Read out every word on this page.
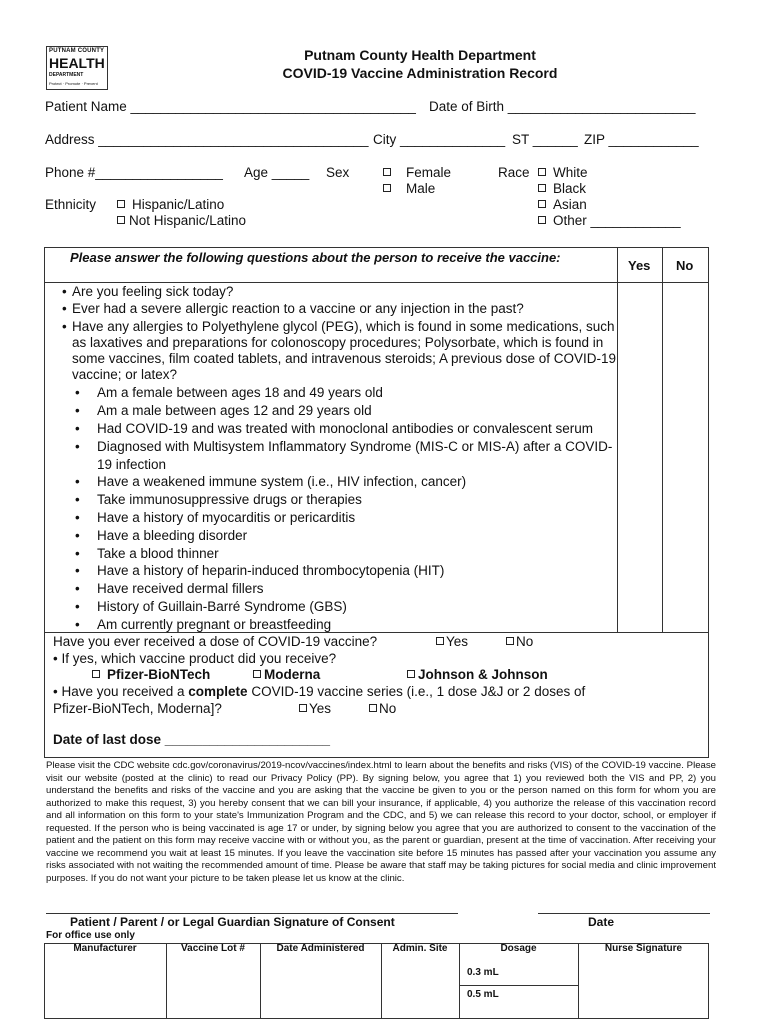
PUTNAM COUNTY
HEALTH
DEPARTMENT
Protect · Promote · Prevent
Putnam County Health Department
COVID-19 Vaccine Administration Record
Patient Name ______________________________________ Date of Birth _________________________
Address ____________________________________ City ______________ ST ______ ZIP ____________
Phone #_________________ Age _____ Sex	Female
Male
Race	White
Black
Asian
Other ____________
Ethnicity	Hispanic/Latino
Not Hispanic/Latino
Please answer the following questions about the person to receive the vaccine:
Yes No
• Are you feeling sick today?
• Ever had a severe allergic reaction to a vaccine or any injection in the past?
• Have any allergies to Polyethylene glycol (PEG), which is found in some medications, such as laxatives and preparations for colonoscopy procedures; Polysorbate, which is found in some vaccines, film coated tablets, and intravenous steroids; A previous dose of COVID-19 vaccine; or latex?
• Am a female between ages 18 and 49 years old
• Am a male between ages 12 and 29 years old
• Had COVID-19 and was treated with monoclonal antibodies or convalescent serum
• Diagnosed with Multisystem Inflammatory Syndrome (MIS-C or MIS-A) after a COVID-19 infection
• Have a weakened immune system (i.e., HIV infection, cancer)
• Take immunosuppressive drugs or therapies
• Have a history of myocarditis or pericarditis
• Have a bleeding disorder
• Take a blood thinner
• Have a history of heparin-induced thrombocytopenia (HIT)
• Have received dermal fillers
• History of Guillain-Barré Syndrome (GBS)
• Am currently pregnant or breastfeeding
Have you ever received a dose of COVID-19 vaccine?	Yes	No
• If yes, which vaccine product did you receive?
Pfizer-BioNTech	Moderna	Johnson & Johnson
• Have you received a complete COVID-19 vaccine series (i.e., 1 dose J&J or 2 doses of
Pfizer-BioNTech, Moderna]?	Yes	No
Date of last dose ______________________
Please visit the CDC website cdc.gov/coronavirus/2019-ncov/vaccines/index.html to learn about the benefits and risks (VIS) of the COVID-19 vaccine. Please visit our website (posted at the clinic) to read our Privacy Policy (PP). By signing below, you agree that 1) you reviewed both the VIS and PP, 2) you understand the benefits and risks of the vaccine and you are asking that the vaccine be given to you or the person named on this form for whom you are authorized to make this request, 3) you hereby consent that we can bill your insurance, if applicable, 4) you authorize the release of this vaccination record and all information on this form to your state's Immunization Program and the CDC, and 5) we can release this record to your doctor, school, or employer if requested. If the person who is being vaccinated is age 17 or under, by signing below you agree that you are authorized to consent to the vaccination of the patient and the patient on this form may receive vaccine with or without you, as the parent or guardian, present at the time of vaccination. After receiving your vaccine we recommend you wait at least 15 minutes. If you leave the vaccination site before 15 minutes has passed after your vaccination you assume any risks associated with not waiting the recommended amount of time. Please be aware that staff may be taking pictures for social media and clinic improvement purposes. If you do not want your picture to be taken please let us know at the clinic.
Patient / Parent / or Legal Guardian Signature of Consent	Date
For office use only
Manufacturer	Vaccine Lot #	Date Administered	Admin. Site	Dosage	Nurse Signature
0.3 mL
0.5 mL
